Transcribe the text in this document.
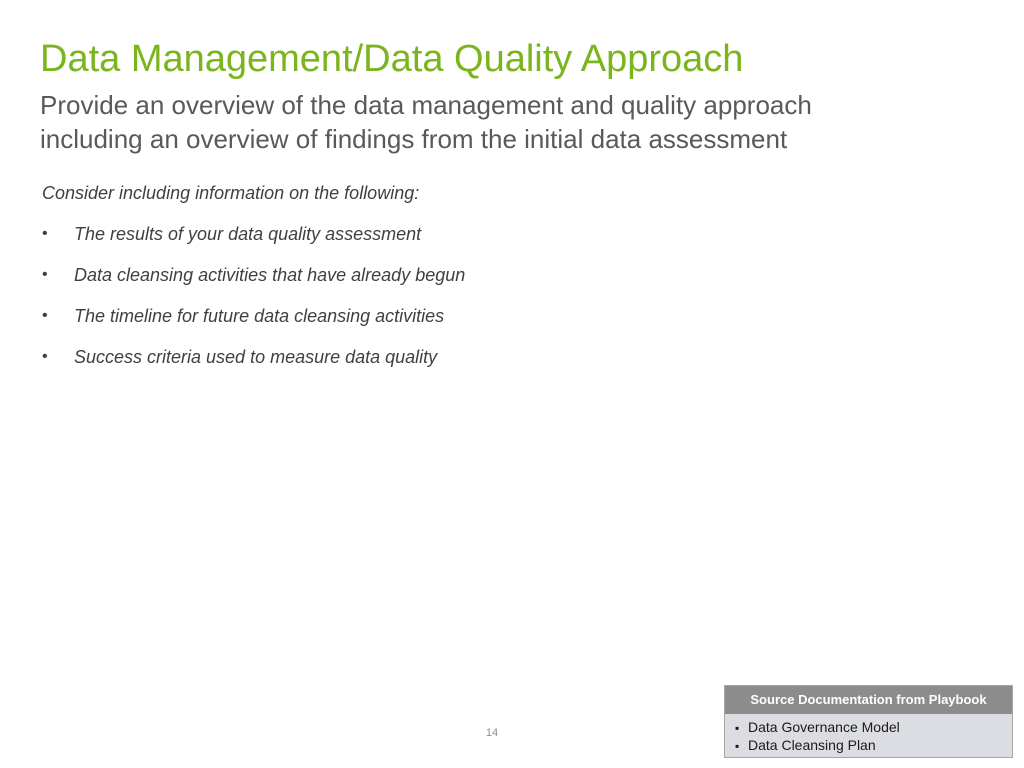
Data Management/Data Quality Approach
Provide an overview of the data management and quality approach
including an overview of findings from the initial data assessment

Consider including information on the following:

• The results of your data quality assessment
• Data cleansing activities that have already begun
• The timeline for future data cleansing activities
• Success criteria used to measure data quality
14
Source Documentation from Playbook
▪ Data Governance Model
▪ Data Cleansing Plan
